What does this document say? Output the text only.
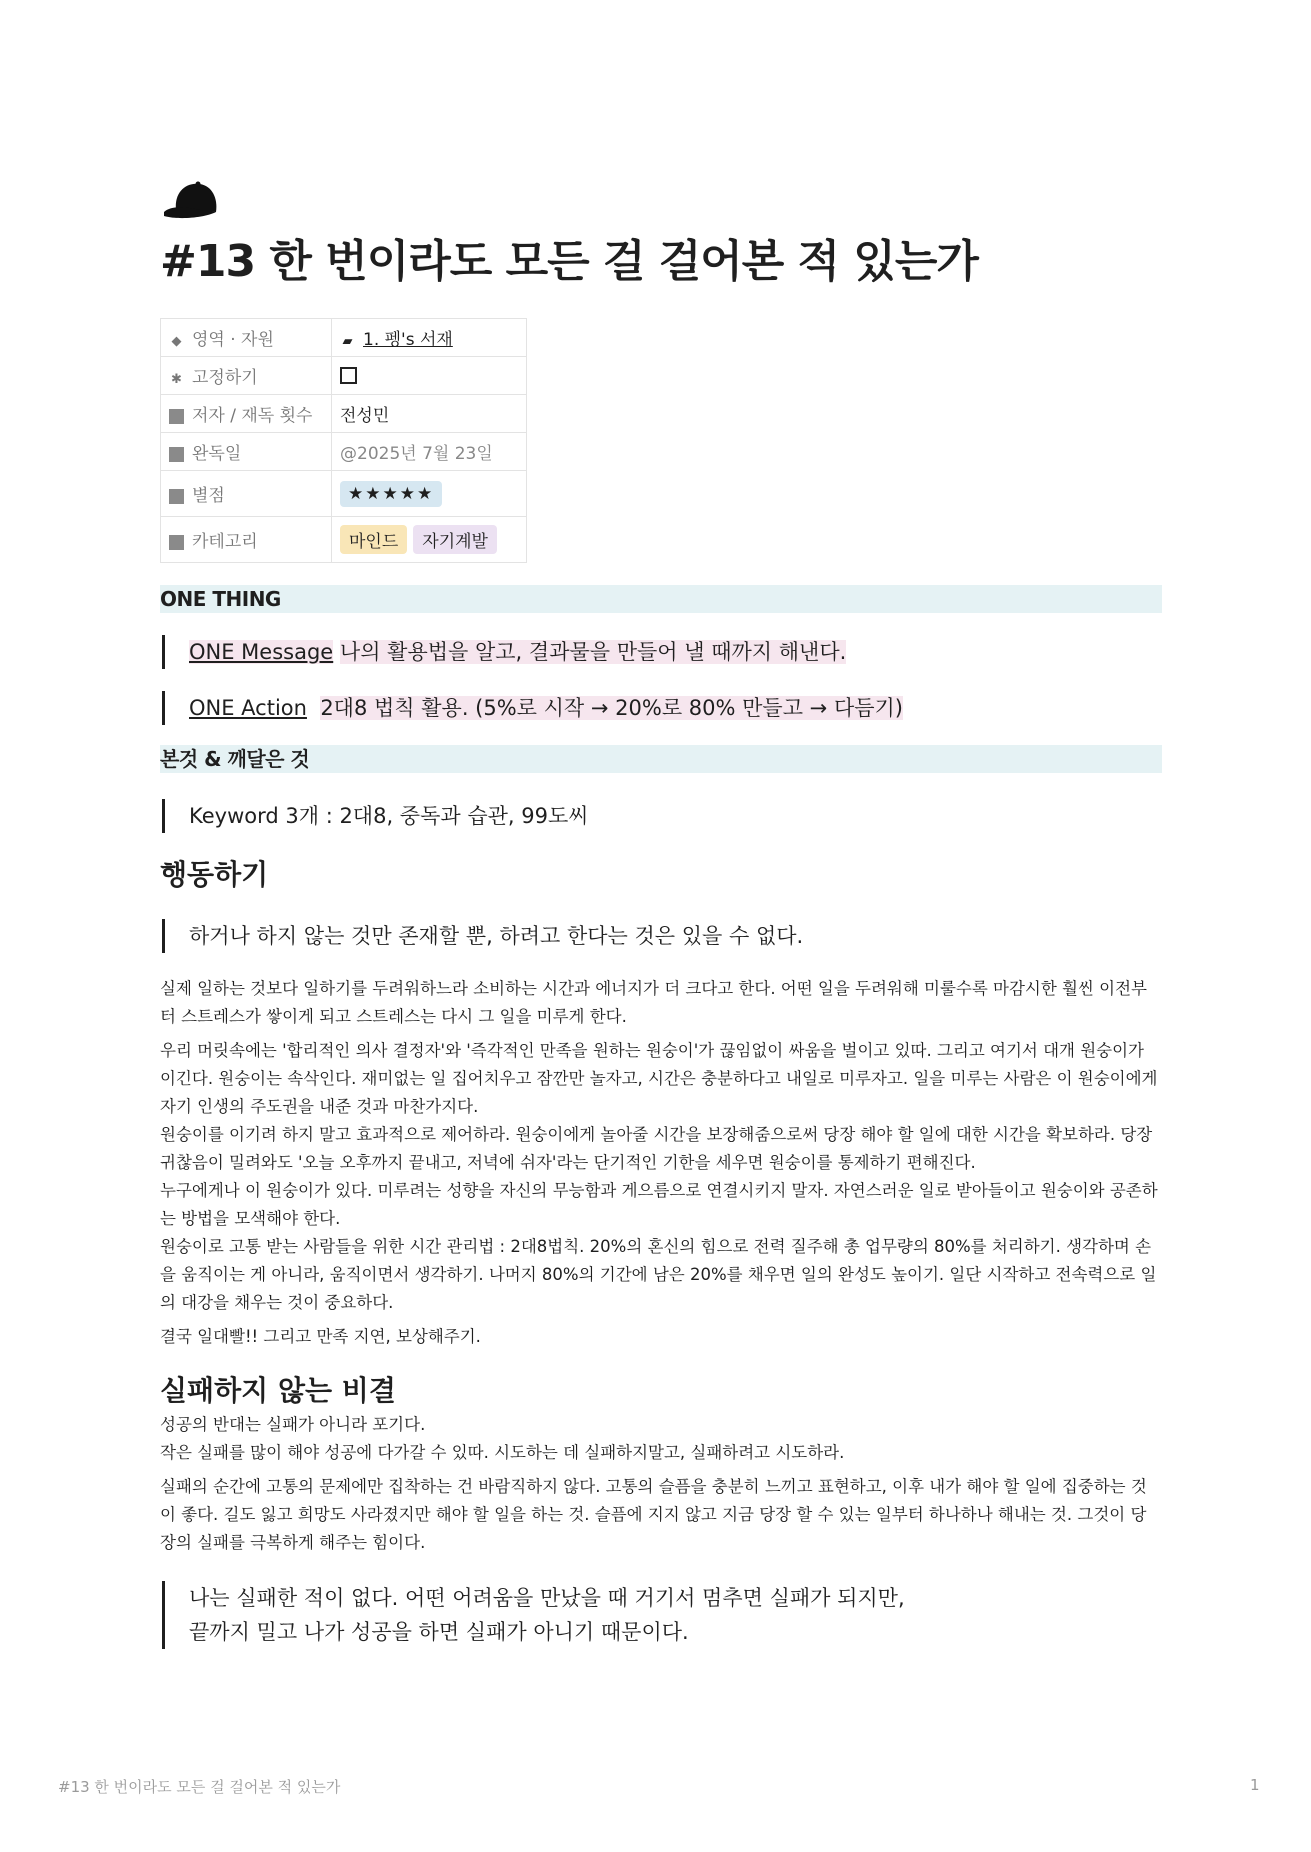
#13 한 번이라도 모든 걸 걸어본 적 있는가
◆ 영역 · 자원	▰ 1. 펭's 서재
✱ 고정하기	
저자 / 재독 횟수	전성민
완독일	@2025년 7월 23일
별점	★★★★★
카테고리	마인드 자기계발
ONE THING
ONE Message 나의 활용법을 알고, 결과물을 만들어 낼 때까지 해낸다.
ONE Action 2대8 법칙 활용. (5%로 시작 → 20%로 80% 만들고 → 다듬기)
본것 & 깨달은 것
Keyword 3개 : 2대8, 중독과 습관, 99도씨
행동하기
하거나 하지 않는 것만 존재할 뿐, 하려고 한다는 것은 있을 수 없다.

실제 일하는 것보다 일하기를 두려워하느라 소비하는 시간과 에너지가 더 크다고 한다. 어떤 일을 두려워해 미룰수록 마감시한 훨씬 이전부터 스트레스가 쌓이게 되고 스트레스는 다시 그 일을 미루게 한다.

우리 머릿속에는 '합리적인 의사 결정자'와 '즉각적인 만족을 원하는 원숭이'가 끊임없이 싸움을 벌이고 있따. 그리고 여기서 대개 원숭이가 이긴다. 원숭이는 속삭인다. 재미없는 일 집어치우고 잠깐만 놀자고, 시간은 충분하다고 내일로 미루자고. 일을 미루는 사람은 이 원숭이에게 자기 인생의 주도권을 내준 것과 마찬가지다.

원숭이를 이기려 하지 말고 효과적으로 제어하라. 원숭이에게 놀아줄 시간을 보장해줌으로써 당장 해야 할 일에 대한 시간을 확보하라. 당장 귀찮음이 밀려와도 '오늘 오후까지 끝내고, 저녁에 쉬자'라는 단기적인 기한을 세우면 원숭이를 통제하기 편해진다.

누구에게나 이 원숭이가 있다. 미루려는 성향을 자신의 무능함과 게으름으로 연결시키지 말자. 자연스러운 일로 받아들이고 원숭이와 공존하는 방법을 모색해야 한다.

원숭이로 고통 받는 사람들을 위한 시간 관리법 : 2대8법칙. 20%의 혼신의 힘으로 전력 질주해 총 업무량의 80%를 처리하기. 생각하며 손을 움직이는 게 아니라, 움직이면서 생각하기. 나머지 80%의 기간에 남은 20%를 채우면 일의 완성도 높이기. 일단 시작하고 전속력으로 일의 대강을 채우는 것이 중요하다.

결국 일대빨!! 그리고 만족 지연, 보상해주기.

실패하지 않는 비결

성공의 반대는 실패가 아니라 포기다.

작은 실패를 많이 해야 성공에 다가갈 수 있따. 시도하는 데 실패하지말고, 실패하려고 시도하라.

실패의 순간에 고통의 문제에만 집착하는 건 바람직하지 않다. 고통의 슬픔을 충분히 느끼고 표현하고, 이후 내가 해야 할 일에 집중하는 것이 좋다. 길도 잃고 희망도 사라졌지만 해야 할 일을 하는 것. 슬픔에 지지 않고 지금 당장 할 수 있는 일부터 하나하나 해내는 것. 그것이 당장의 실패를 극복하게 해주는 힘이다.

나는 실패한 적이 없다. 어떤 어려움을 만났을 때 거기서 멈추면 실패가 되지만,
끝까지 밀고 나가 성공을 하면 실패가 아니기 때문이다.
#13 한 번이라도 모든 걸 걸어본 적 있는가	1
